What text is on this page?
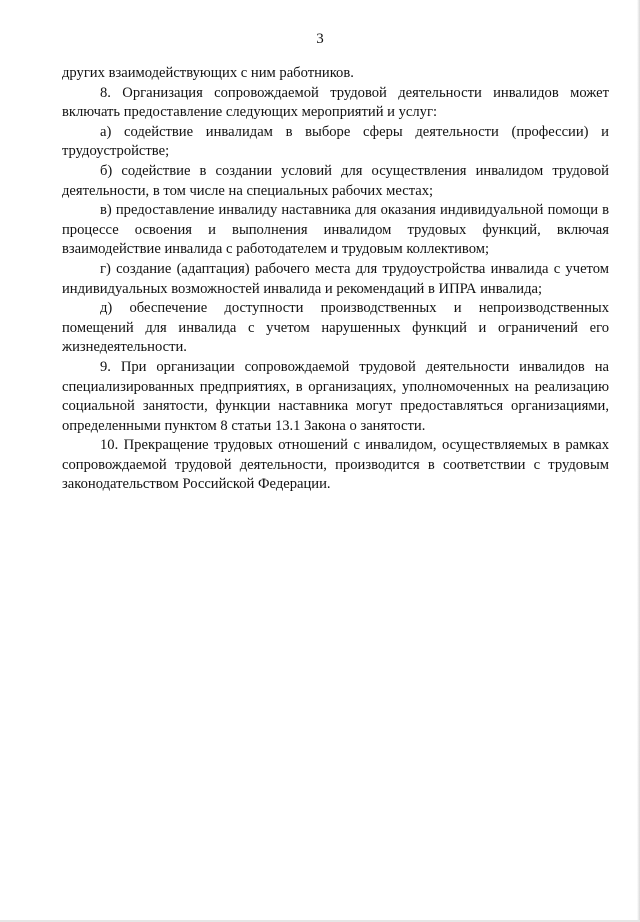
3

других взаимодействующих с ним работников.

8. Организация сопровождаемой трудовой деятельности инвалидов может включать предоставление следующих мероприятий и услуг:

а) содействие инвалидам в выборе сферы деятельности (профессии) и трудоустройстве;

б) содействие в создании условий для осуществления инвалидом трудовой деятельности, в том числе на специальных рабочих местах;

в) предоставление инвалиду наставника для оказания индивидуальной помощи в процессе освоения и выполнения инвалидом трудовых функций, включая взаимодействие инвалида с работодателем и трудовым коллективом;

г) создание (адаптация) рабочего места для трудоустройства инвалида с учетом индивидуальных возможностей инвалида и рекомендаций в ИПРА инвалида;

д) обеспечение доступности производственных и непроизводственных помещений для инвалида с учетом нарушенных функций и ограничений его жизнедеятельности.

9. При организации сопровождаемой трудовой деятельности инвалидов на специализированных предприятиях, в организациях, уполномоченных на реализацию социальной занятости, функции наставника могут предоставляться организациями, определенными пунктом 8 статьи 13.1 Закона о занятости.

10. Прекращение трудовых отношений с инвалидом, осуществляемых в рамках сопровождаемой трудовой деятельности, производится в соответствии с трудовым законодательством Российской Федерации.
